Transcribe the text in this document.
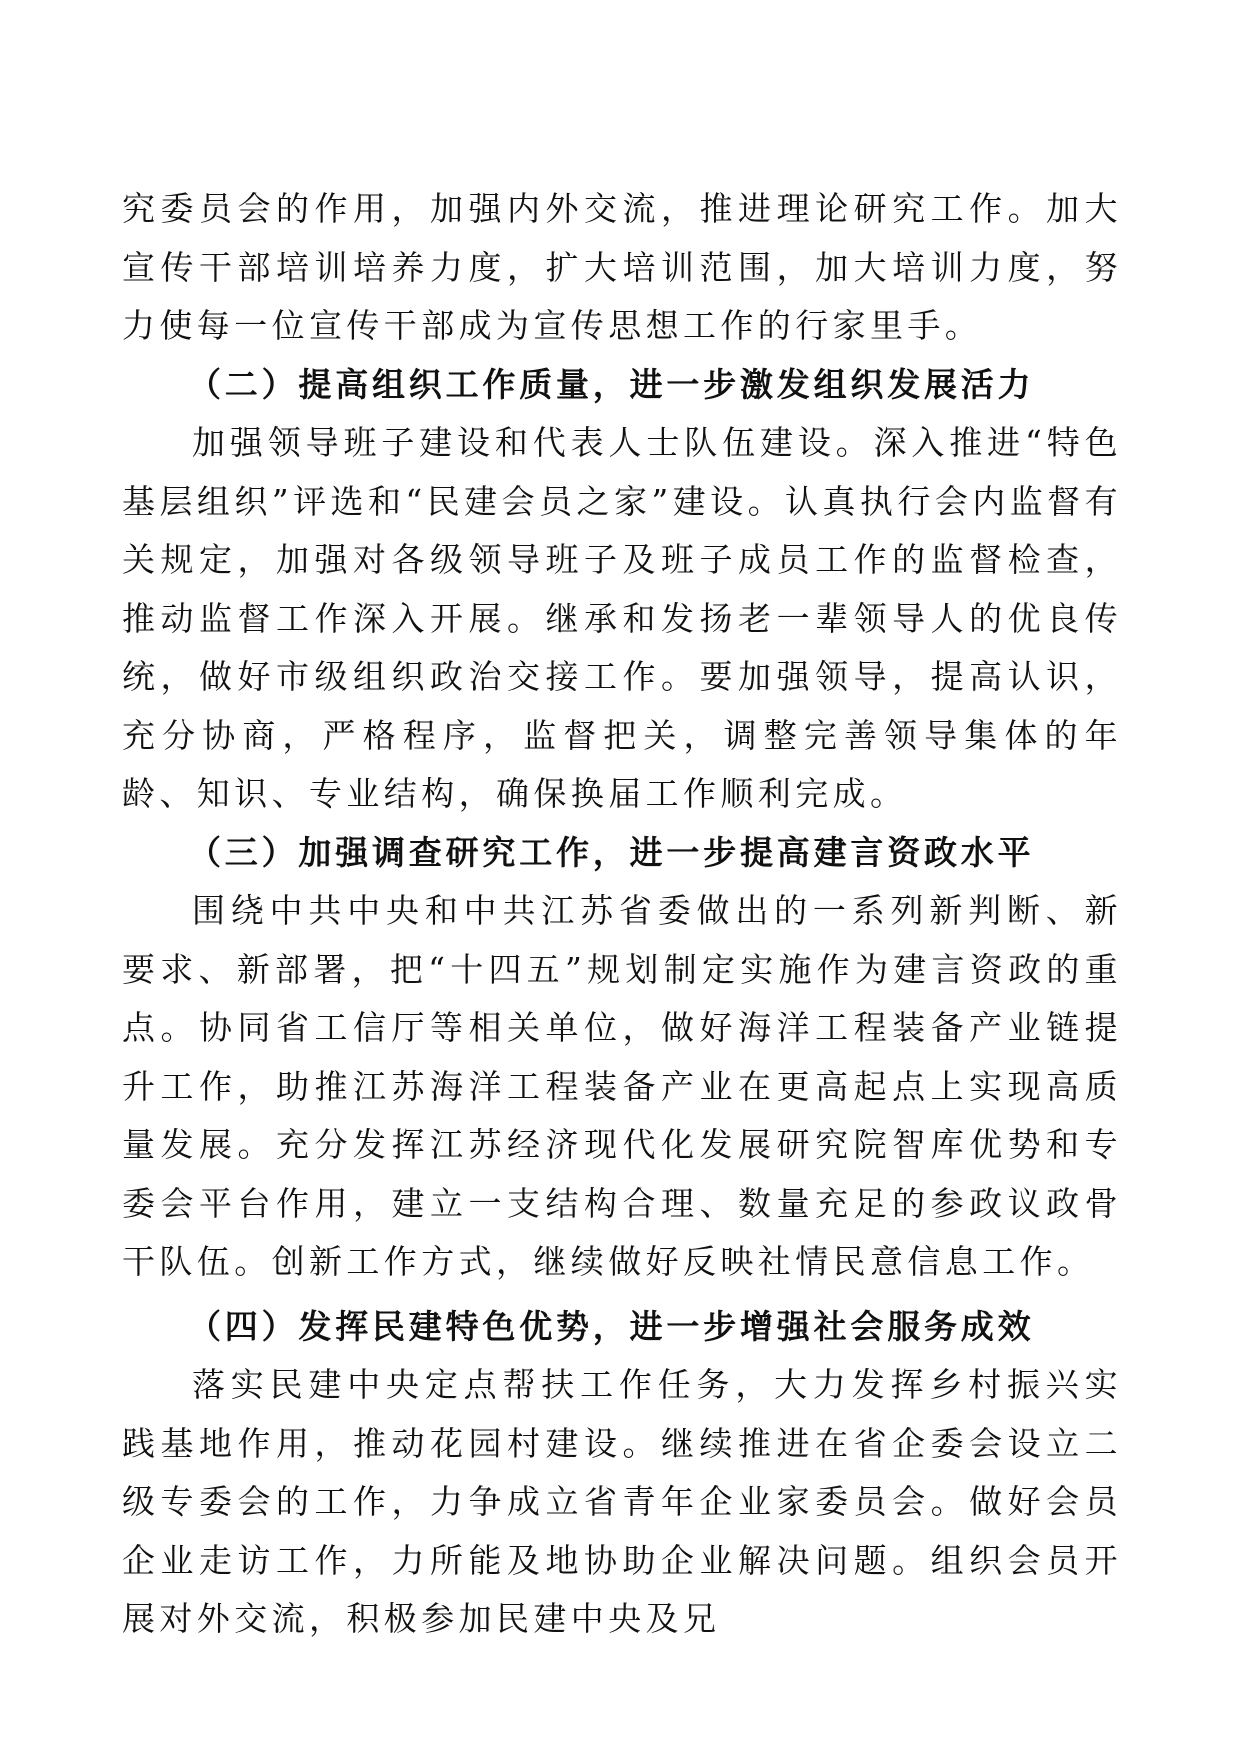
究委员会的作用，加强内外交流，推进理论研究工作。加大宣传干部培训培养力度，扩大培训范围，加大培训力度，努力使每一位宣传干部成为宣传思想工作的行家里手。

（二）提高组织工作质量，进一步激发组织发展活力

加强领导班子建设和代表人士队伍建设。深入推进“特色基层组织”评选和“民建会员之家”建设。认真执行会内监督有关规定，加强对各级领导班子及班子成员工作的监督检查，推动监督工作深入开展。继承和发扬老一辈领导人的优良传统，做好市级组织政治交接工作。要加强领导，提高认识，充分协商，严格程序，监督把关，调整完善领导集体的年龄、知识、专业结构，确保换届工作顺利完成。

（三）加强调查研究工作，进一步提高建言资政水平

围绕中共中央和中共江苏省委做出的一系列新判断、新要求、新部署，把“十四五”规划制定实施作为建言资政的重点。协同省工信厅等相关单位，做好海洋工程装备产业链提升工作，助推江苏海洋工程装备产业在更高起点上实现高质量发展。充分发挥江苏经济现代化发展研究院智库优势和专委会平台作用，建立一支结构合理、数量充足的参政议政骨干队伍。创新工作方式，继续做好反映社情民意信息工作。

（四）发挥民建特色优势，进一步增强社会服务成效

落实民建中央定点帮扶工作任务，大力发挥乡村振兴实践基地作用，推动花园村建设。继续推进在省企委会设立二级专委会的工作，力争成立省青年企业家委员会。做好会员企业走访工作，力所能及地协助企业解决问题。组织会员开展对外交流，积极参加民建中央及兄
